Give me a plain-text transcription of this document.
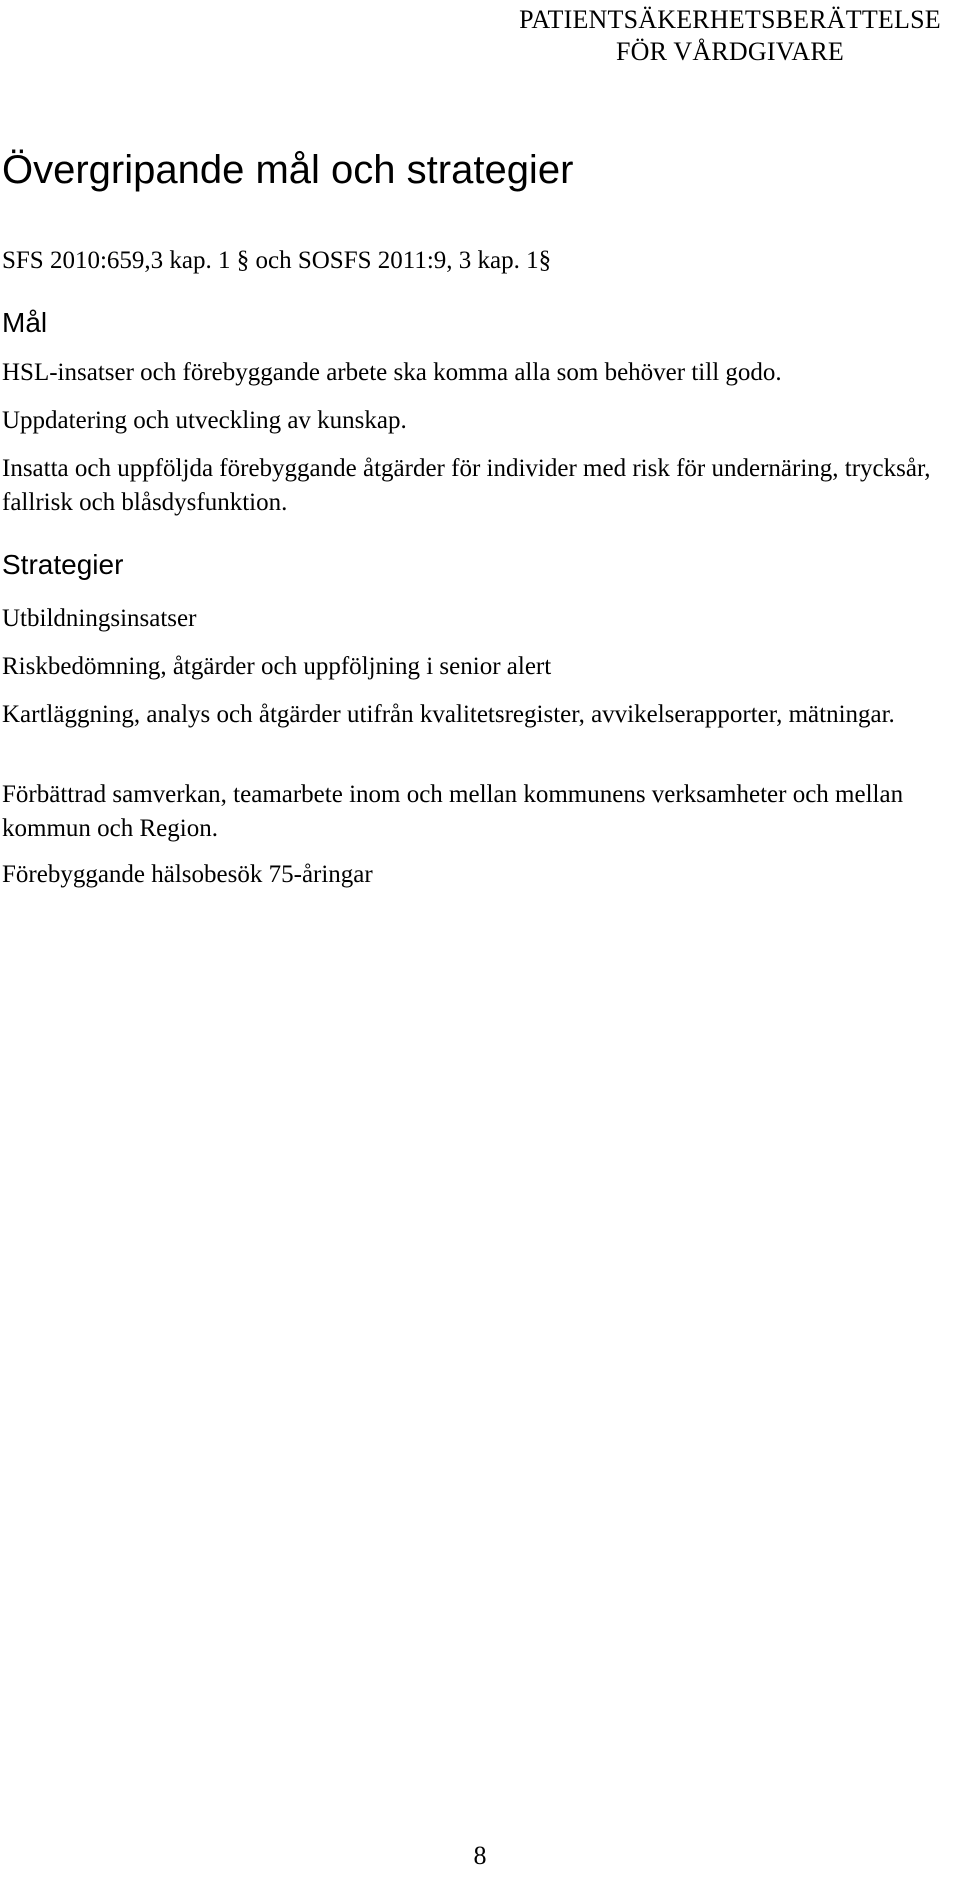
PATIENTSÄKERHETSBERÄTTELSE
FÖR VÅRDGIVARE
Övergripande mål och strategier
SFS 2010:659,3 kap. 1 § och SOSFS 2011:9, 3 kap. 1§
Mål
HSL-insatser och förebyggande arbete ska komma alla som behöver till godo.
Uppdatering och utveckling av kunskap.
Insatta och uppföljda förebyggande åtgärder för individer med risk för undernäring, trycksår, fallrisk och blåsdysfunktion.
Strategier
Utbildningsinsatser
Riskbedömning, åtgärder och uppföljning i senior alert
Kartläggning, analys och åtgärder utifrån kvalitetsregister, avvikelserapporter, mätningar.
Förbättrad samverkan, teamarbete inom och mellan kommunens verksamheter och mellan kommun och Region.
Förebyggande hälsobesök 75-åringar
8
